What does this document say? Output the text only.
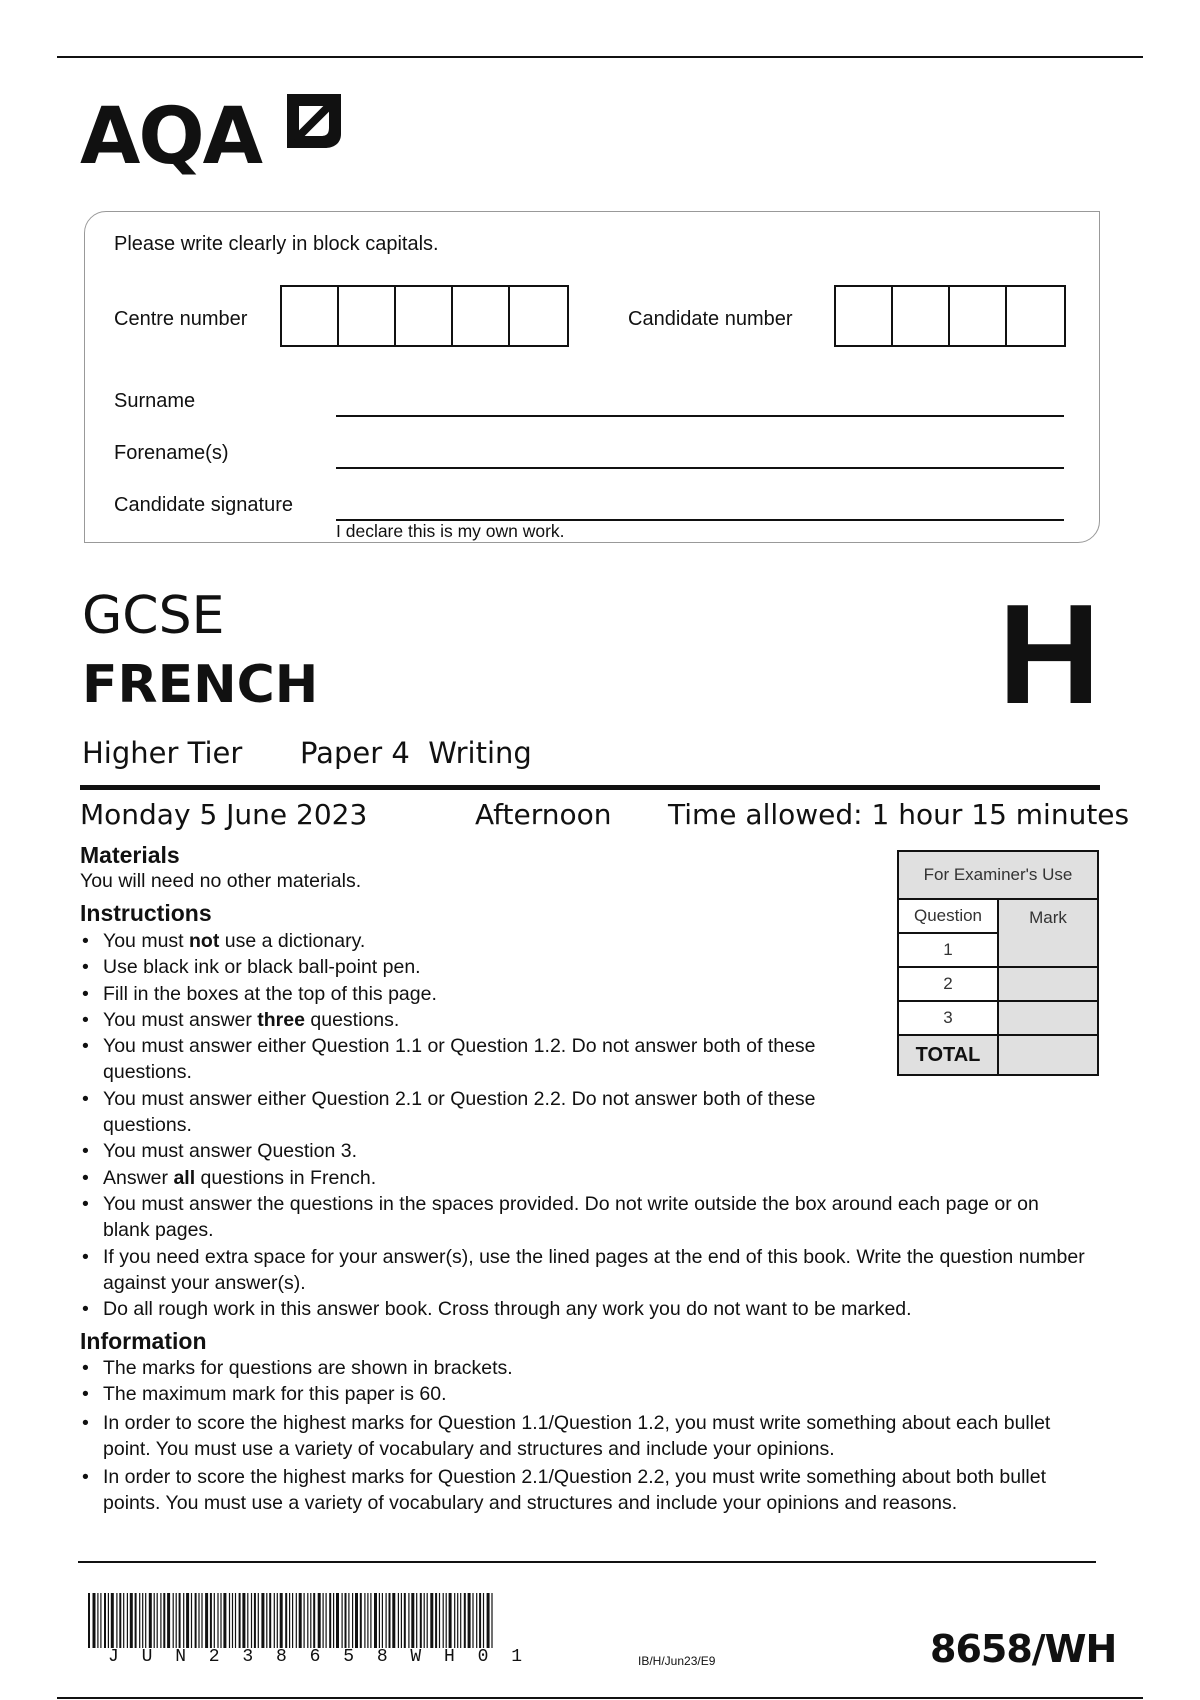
AQA
Please write clearly in block capitals.
Centre number	Candidate number
Surname
Forename(s)
Candidate signature
I declare this is my own work.
GCSE
FRENCH	H
Higher Tier Paper 4  Writing
Monday 5 June 2023	Afternoon Time allowed: 1 hour 15 minutes
Materials
You will need no other materials.
Instructions
• You must not use a dictionary.
• Use black ink or black ball-point pen.
• Fill in the boxes at the top of this page.
• You must answer three questions.
• You must answer either Question 1.1 or Question 1.2. Do not answer both of these questions.
• You must answer either Question 2.1 or Question 2.2. Do not answer both of these questions.
• You must answer Question 3.
• Answer all questions in French.
• You must answer the questions in the spaces provided. Do not write outside the box around each page or on blank pages.
• If you need extra space for your answer(s), use the lined pages at the end of this book. Write the question number against your answer(s).
• Do all rough work in this answer book. Cross through any work you do not want to be marked.
Information
• The marks for questions are shown in brackets.
• The maximum mark for this paper is 60.
• In order to score the highest marks for Question 1.1/Question 1.2, you must write something about each bullet point. You must use a variety of vocabulary and structures and include your opinions.
• In order to score the highest marks for Question 2.1/Question 2.2, you must write something about both bullet points. You must use a variety of vocabulary and structures and include your opinions and reasons.
For Examiner's Use	
Question	Mark
1	
2	
3	
TOTAL	
J U N 2 3 8 6 5 8 W H 0 1	IB/H/Jun23/E9	8658/WH
